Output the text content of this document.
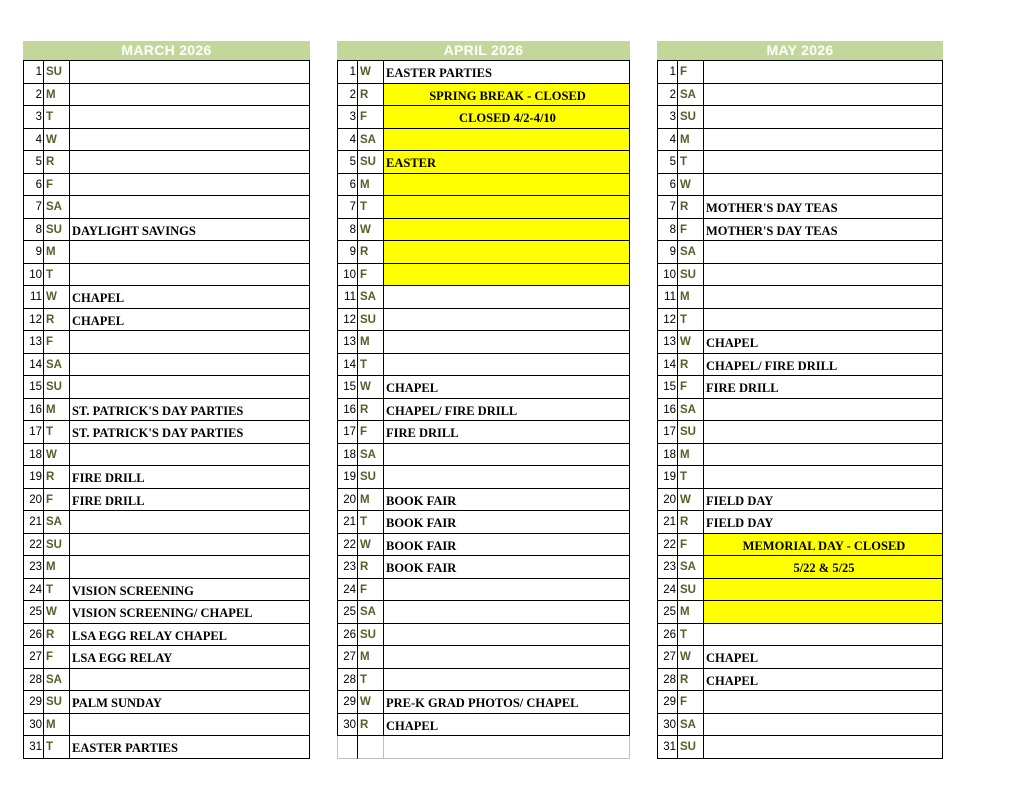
MARCH 2026
1 SU
2 M
3 T
4 W
5 R
6 F
7 SA
8 SU DAYLIGHT SAVINGS
9 M
10 T
11 W	CHAPEL
12 R	CHAPEL
13 F
14 SA
15 SU
16 M	ST. PATRICK'S DAY PARTIES
17 T	ST. PATRICK'S DAY PARTIES
18 W
19 R	FIRE DRILL
20 F	FIRE DRILL
21 SA
22 SU
23 M
24 T	VISION SCREENING
25 W	VISION SCREENING/ CHAPEL
26 R	LSA EGG RELAY CHAPEL
27 F	LSA EGG RELAY
28 SA
29 SU PALM SUNDAY
30 M
31 T	EASTER PARTIES
APRIL 2026
1 W	EASTER PARTIES
2 R	SPRING BREAK - CLOSED
3 F	CLOSED 4/2-4/10
4 SA
5 SU EASTER
6 M
7 T
8 W
9 R
10 F
11 SA
12 SU
13 M
14 T
15 W	CHAPEL
16 R	CHAPEL/ FIRE DRILL
17 F	FIRE DRILL
18 SA
19 SU
20 M	BOOK FAIR
21 T	BOOK FAIR
22 W	BOOK FAIR
23 R	BOOK FAIR
24 F
25 SA
26 SU
27 M
28 T
29 W	PRE-K GRAD PHOTOS/ CHAPEL
30 R	CHAPEL
MAY 2026
1 F
2 SA
3 SU
4 M
5 T
6 W
7 R	MOTHER'S DAY TEAS
8 F	MOTHER'S DAY TEAS
9 SA
10 SU
11 M
12 T
13 W	CHAPEL
14 R	CHAPEL/ FIRE DRILL
15 F	FIRE DRILL
16 SA
17 SU
18 M
19 T
20 W	FIELD DAY
21 R	FIELD DAY
22 F	MEMORIAL DAY - CLOSED
23 SA	5/22 & 5/25
24 SU
25 M
26 T
27 W	CHAPEL
28 R	CHAPEL
29 F
30 SA
31 SU
